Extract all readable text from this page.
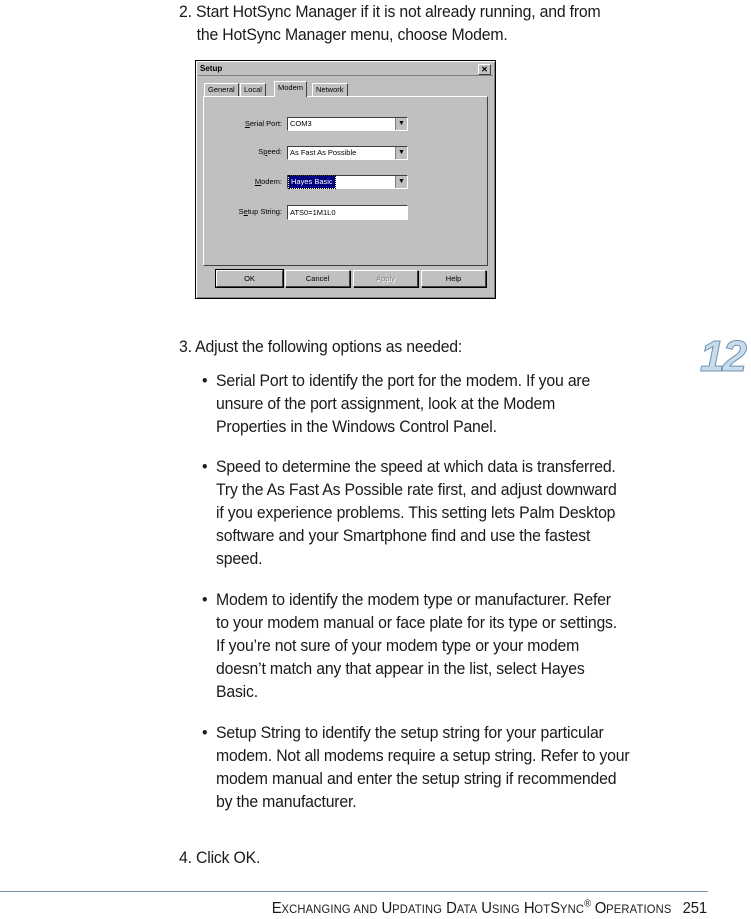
2. Start HotSync Manager if it is not already running, and from
the HotSync Manager menu, choose Modem.
Setup	✕
General	Local	Modem	Network
Serial Port: COM3	▼
Speed: As Fast As Possible	▼
Modem: Hayes Basic	▼
Setup String: ATS0=1M1L0
OK	Cancel	Apply	Help
3. Adjust the following options as needed:
• Serial Port to identify the port for the modem. If you are
unsure of the port assignment, look at the Modem
Properties in the Windows Control Panel.
• Speed to determine the speed at which data is transferred.
Try the As Fast As Possible rate first, and adjust downward
if you experience problems. This setting lets Palm Desktop
software and your Smartphone find and use the fastest
speed.
• Modem to identify the modem type or manufacturer. Refer
to your modem manual or face plate for its type or settings.
If you’re not sure of your modem type or your modem
doesn’t match any that appear in the list, select Hayes
Basic.
• Setup String to identify the setup string for your particular
modem. Not all modems require a setup string. Refer to your
modem manual and enter the setup string if recommended
by the manufacturer.
4. Click OK.
12
EXCHANGING AND UPDATING DATA USING HOTSYNC® OPERATIONS 251
